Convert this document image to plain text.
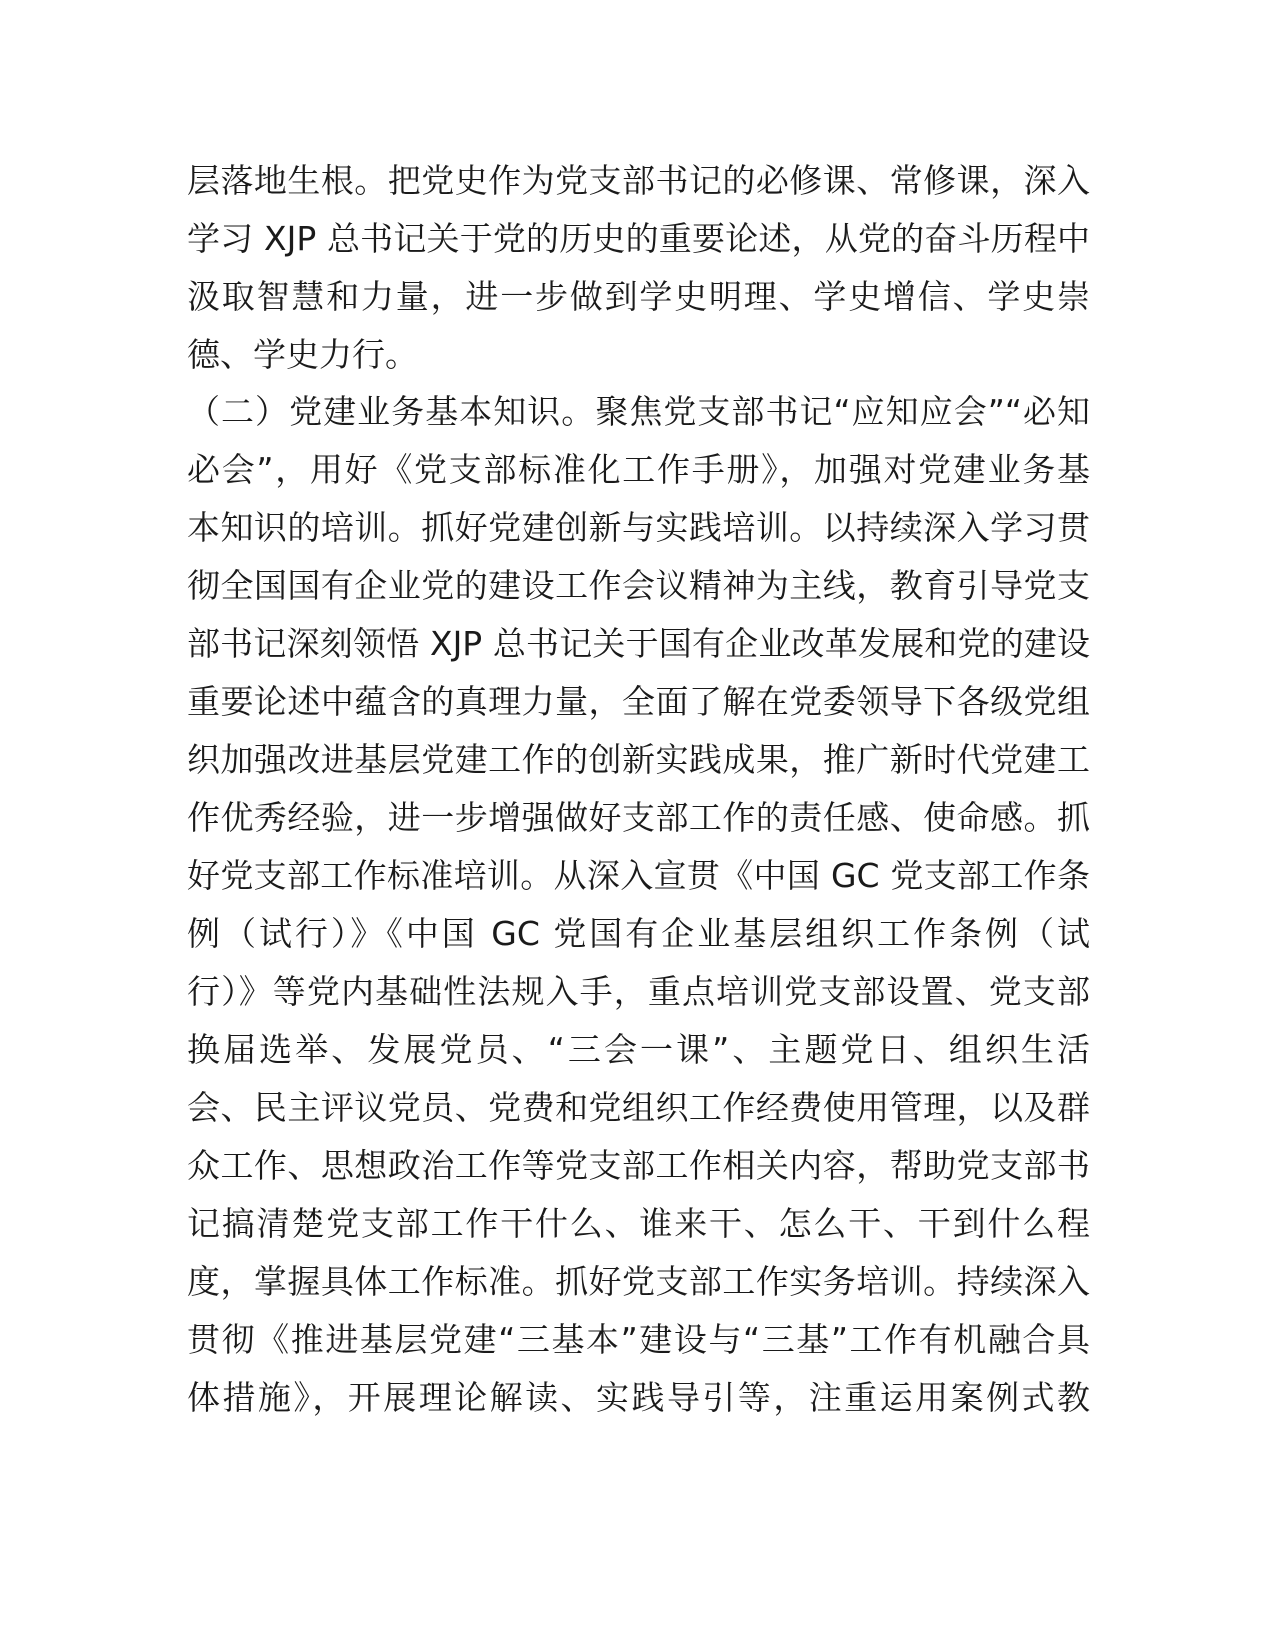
层落地生根。把党史作为党支部书记的必修课、常修课，深入
学习 XJP 总书记关于党的历史的重要论述，从党的奋斗历程中
汲取智慧和力量，进一步做到学史明理、学史增信、学史崇
德、学史力行。
（二）党建业务基本知识。聚焦党支部书记“应知应会”“必知
必会”，用好《党支部标准化工作手册》，加强对党建业务基
本知识的培训。抓好党建创新与实践培训。以持续深入学习贯
彻全国国有企业党的建设工作会议精神为主线，教育引导党支
部书记深刻领悟 XJP 总书记关于国有企业改革发展和党的建设
重要论述中蕴含的真理力量，全面了解在党委领导下各级党组
织加强改进基层党建工作的创新实践成果，推广新时代党建工
作优秀经验，进一步增强做好支部工作的责任感、使命感。抓
好党支部工作标准培训。从深入宣贯《中国 GC 党支部工作条
例（试行）》《中国 GC 党国有企业基层组织工作条例（试
行）》等党内基础性法规入手，重点培训党支部设置、党支部
换届选举、发展党员、“三会一课”、主题党日、组织生活
会、民主评议党员、党费和党组织工作经费使用管理，以及群
众工作、思想政治工作等党支部工作相关内容，帮助党支部书
记搞清楚党支部工作干什么、谁来干、怎么干、干到什么程
度，掌握具体工作标准。抓好党支部工作实务培训。持续深入
贯彻《推进基层党建“三基本”建设与“三基”工作有机融合具
体措施》，开展理论解读、实践导引等，注重运用案例式教
